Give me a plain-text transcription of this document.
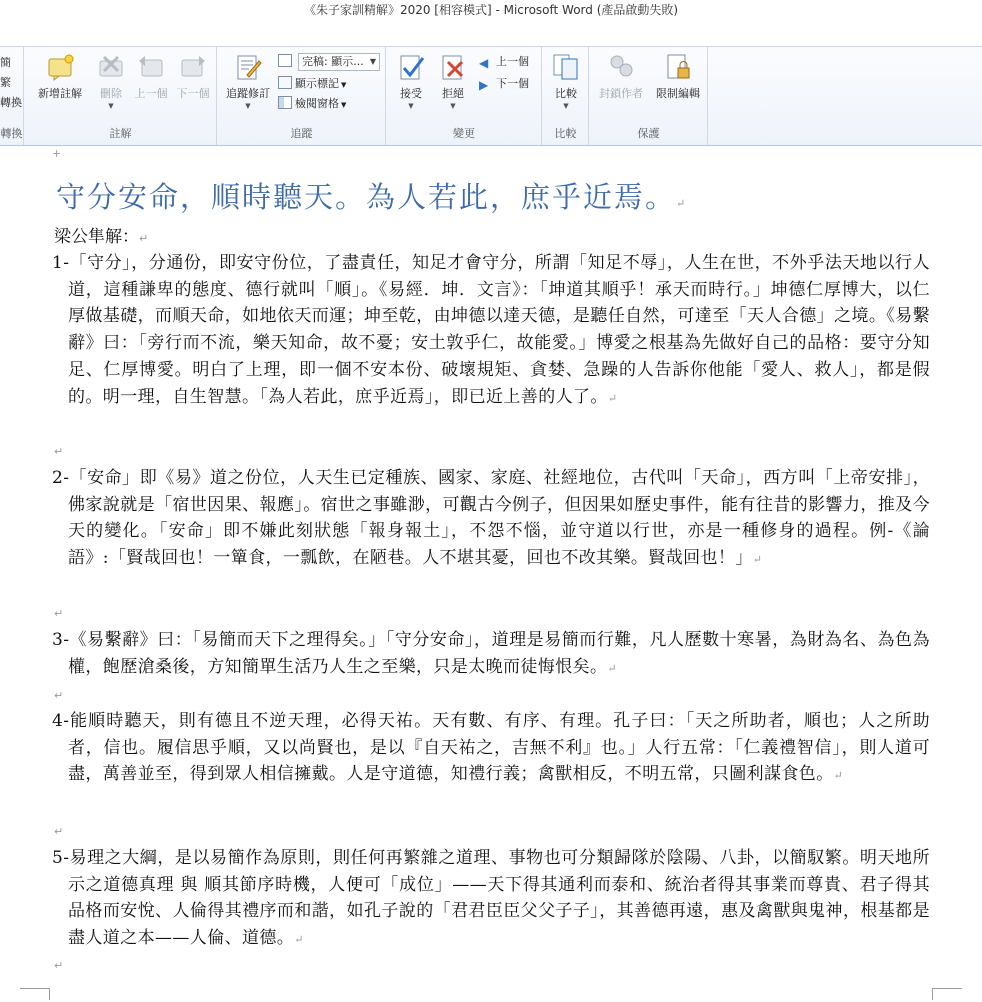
《朱子家訓精解》2020 [相容模式] - Microsoft Word (產品啟動失敗)
簡
繁
轉換
轉換
新增註解	刪除
▼
上一個 下一個
註解
追蹤修訂
▼
完稿: 顯示... ▼
顯示標記 ▼
檢閱窗格 ▼
追蹤
接受
▼
拒絕
▼
◀ 上一個
▶ 下一個
變更
比較
▼
比較
封鎖作者	限制編輯
保護
+
守分安命，順時聽天。為人若此，庶乎近焉。↵
梁公隼解：↵
1-「守分」，分通份，即安守份位，了盡責任，知足才會守分，所謂「知足不辱」，人生在世，不外乎法天地以行人道，這種謙卑的態度、德行就叫「順」。《易經．坤．文言》：「坤道其順乎！承天而時行。」坤德仁厚博大，以仁厚做基礎，而順天命，如地依天而運；坤至乾，由坤德以達天德，是聽任自然，可達至「天人合德」之境。《易繫辭》曰：「旁行而不流，樂天知命，故不憂；安土敦乎仁，故能愛。」博愛之根基為先做好自己的品格：要守分知足、仁厚博愛。明白了上理，即一個不安本份、破壞規矩、貪婪、急躁的人告訴你他能「愛人、救人」，都是假的。明一理，自生智慧。「為人若此，庶乎近焉」，即已近上善的人了。↵
↵
2-「安命」即《易》道之份位，人天生已定種族、國家、家庭、社經地位，古代叫「天命」，西方叫「上帝安排」，佛家說就是「宿世因果、報應」。宿世之事雖渺，可觀古今例子，但因果如歷史事件，能有往昔的影響力，推及今天的變化。「安命」即不嫌此刻狀態「報身報土」，不怨不惱，並守道以行世，亦是一種修身的過程。例-《論語》:「賢哉回也！一簞食，一瓢飲，在陋巷。人不堪其憂，回也不改其樂。賢哉回也！」↵
↵
3-《易繫辭》曰：「易簡而天下之理得矣。」「守分安命」，道理是易簡而行難，凡人歷數十寒暑，為財為名、為色為權，飽歷滄桑後，方知簡單生活乃人生之至樂，只是太晚而徒悔恨矣。↵
↵
4-能順時聽天，則有德且不逆天理，必得天祐。天有數、有序、有理。孔子曰：「天之所助者，順也；人之所助者，信也。履信思乎順，又以尚賢也，是以『自天祐之，吉無不利』也。」人行五常：「仁義禮智信」，則人道可盡，萬善並至，得到眾人相信擁戴。人是守道德，知禮行義；禽獸相反，不明五常，只圖利謀食色。↵
↵
5-易理之大綱，是以易簡作為原則，則任何再繁雜之道理、事物也可分類歸隊於陰陽、八卦，以簡馭繁。明天地所示之道德真理 與 順其節序時機，人便可「成位」——天下得其通利而泰和、統治者得其事業而尊貴、君子得其品格而安悅、人倫得其禮序而和諧，如孔子說的「君君臣臣父父子子」，其善德再遠，惠及禽獸與鬼神，根基都是盡人道之本——人倫、道德。↵
↵
